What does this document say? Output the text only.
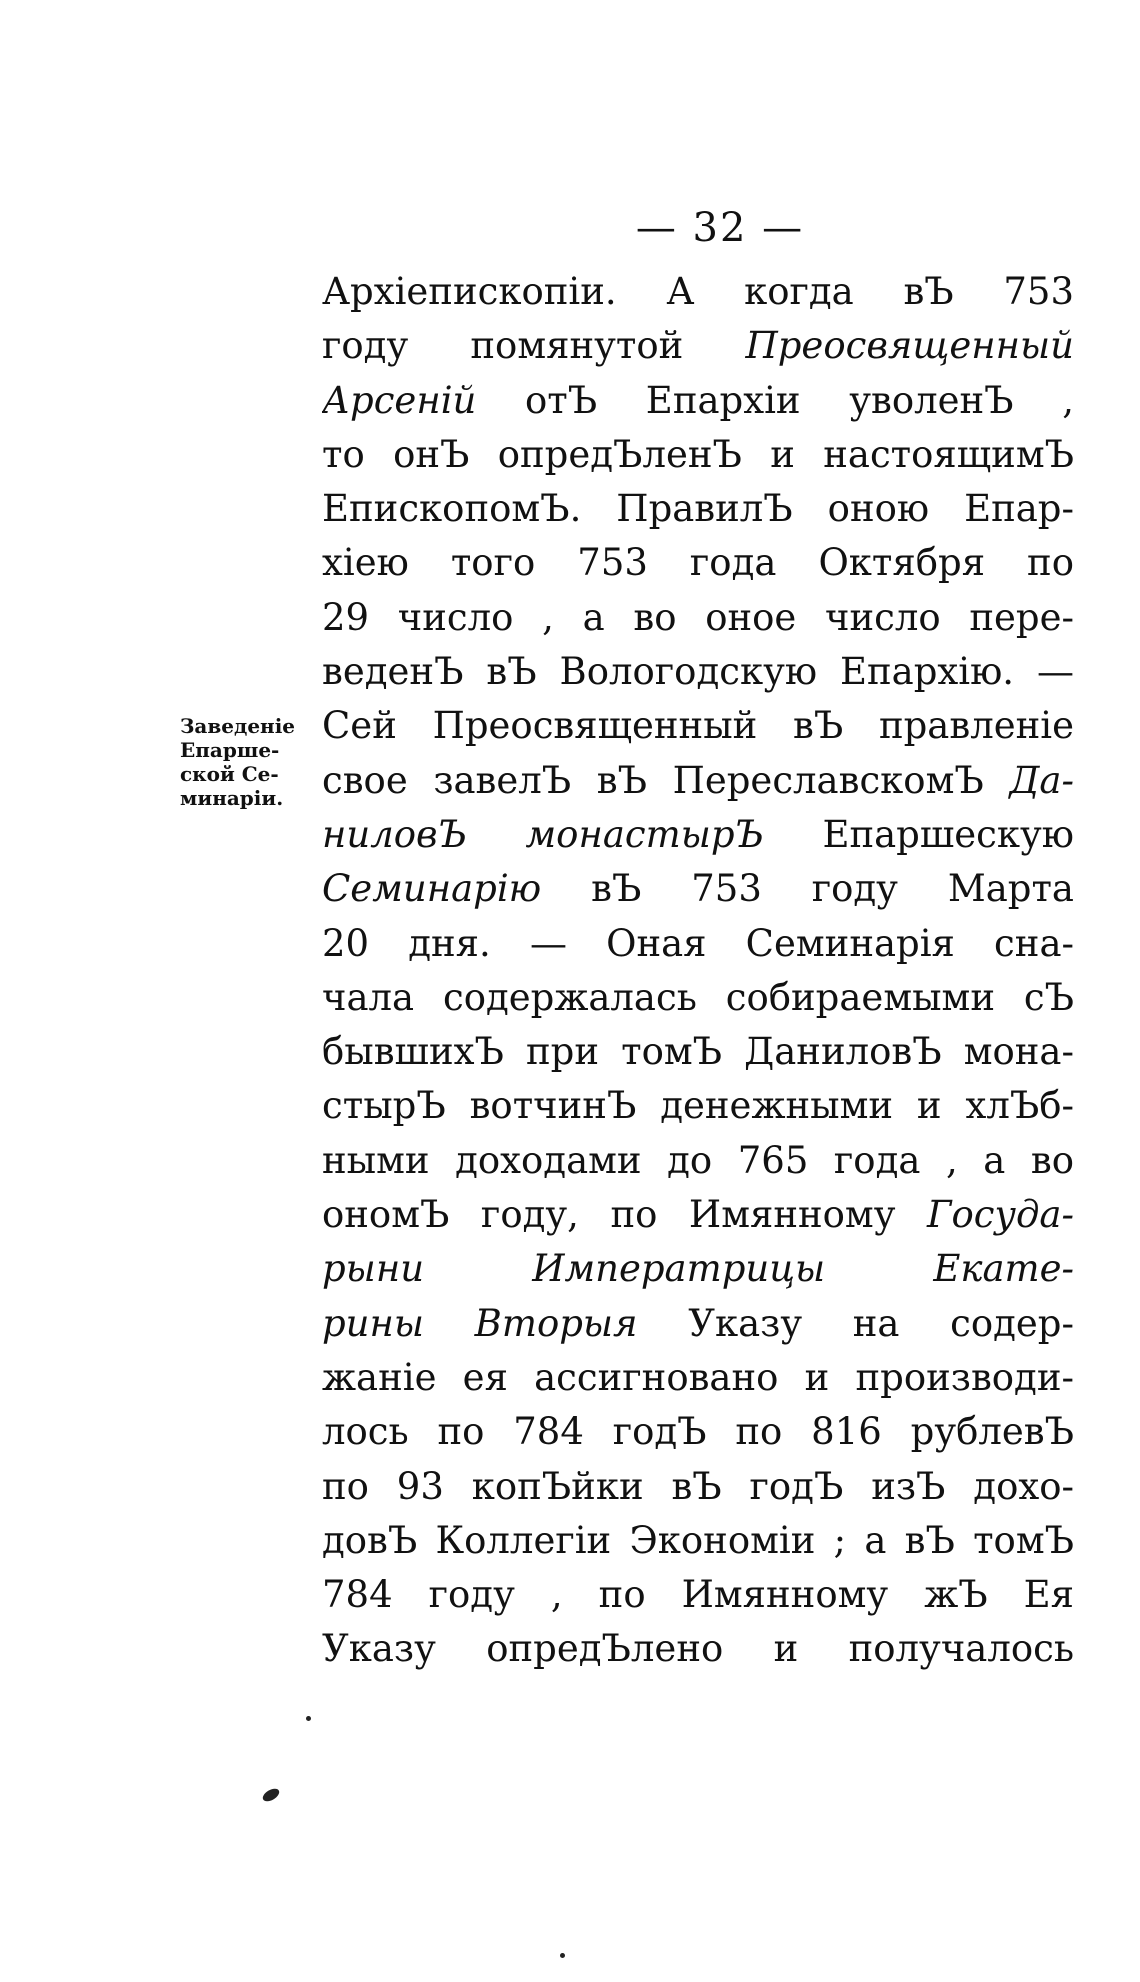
— 32 —
Заведеніе
Епарше-
ской Се-
минаріи.
Архіепископіи. А когда вЪ 753
году помянутой Преосвященный
Арсеній отЪ Епархіи уволенЪ ,
то онЪ опредЪленЪ и настоящимЪ
ЕпископомЪ. ПравилЪ оною Епар-
хіею того 753 года Октября по
29 число , а во оное число пере-
веденЪ вЪ Вологодскую Епархію. —
Сей Преосвященный вЪ правленіе
свое завелЪ вЪ ПереславскомЪ Да-
ниловЪ монастырЪ Епаршескую
Семинарію вЪ 753 году Марта
20 дня. — Оная Семинарія сна-
чала содержалась собираемыми сЪ
бывшихЪ при томЪ ДаниловЪ мона-
стырЪ вотчинЪ денежными и хлЪб-
ными доходами до 765 года , а во
ономЪ году, по Имянному Госуда-
рыни Императрицы Екате-
рины Вторыя Указу на содер-
жаніе ея ассигновано и производи-
лось по 784 годЪ по 816 рублевЪ
по 93 копЪйки вЪ годЪ изЪ дохо-
довЪ Коллегіи Экономіи ; а вЪ томЪ
784 году , по Имянному жЪ Ея
Указу опредЪлено и получалось
